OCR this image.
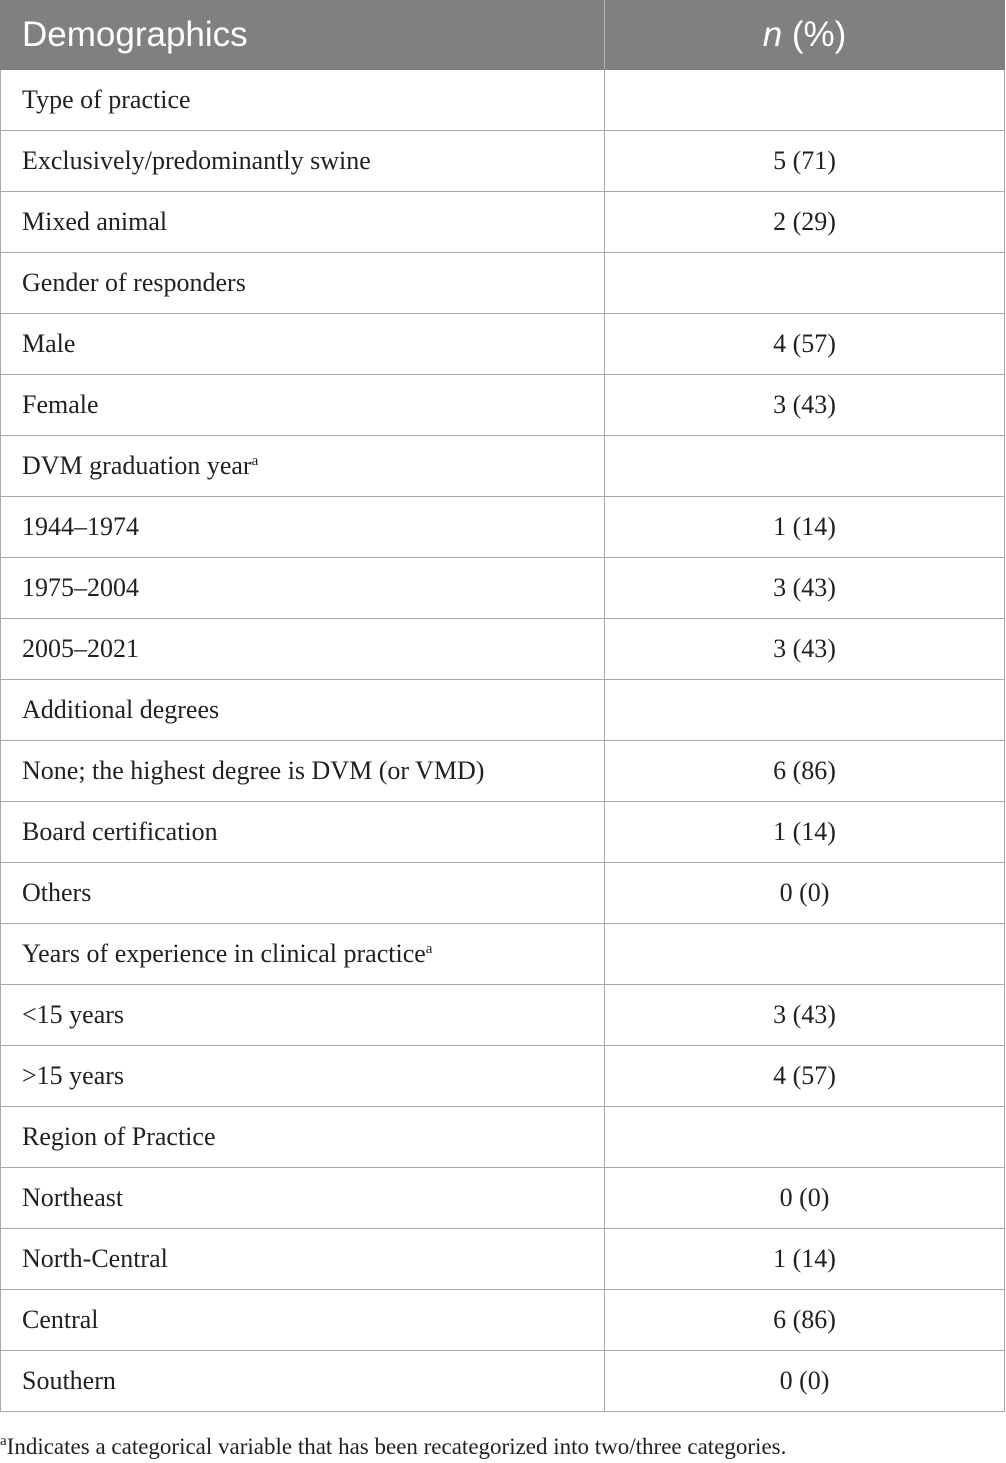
Demographics	n (%)
Type of practice	
Exclusively/predominantly swine	5 (71)
Mixed animal	2 (29)
Gender of responders	
Male	4 (57)
Female	3 (43)
DVM graduation year$^a$	
1944–1974	1 (14)
1975–2004	3 (43)
2005–2021	3 (43)
Additional degrees	
None; the highest degree is DVM (or VMD)	6 (86)
Board certification	1 (14)
Others	0 (0)
Years of experience in clinical practice$^a$	
<15 years	3 (43)
>15 years	4 (57)
Region of Practice	
Northeast	0 (0)
North-Central	1 (14)
Central	6 (86)
Southern	0 (0)
$^a$Indicates a categorical variable that has been recategorized into two/three categories.
